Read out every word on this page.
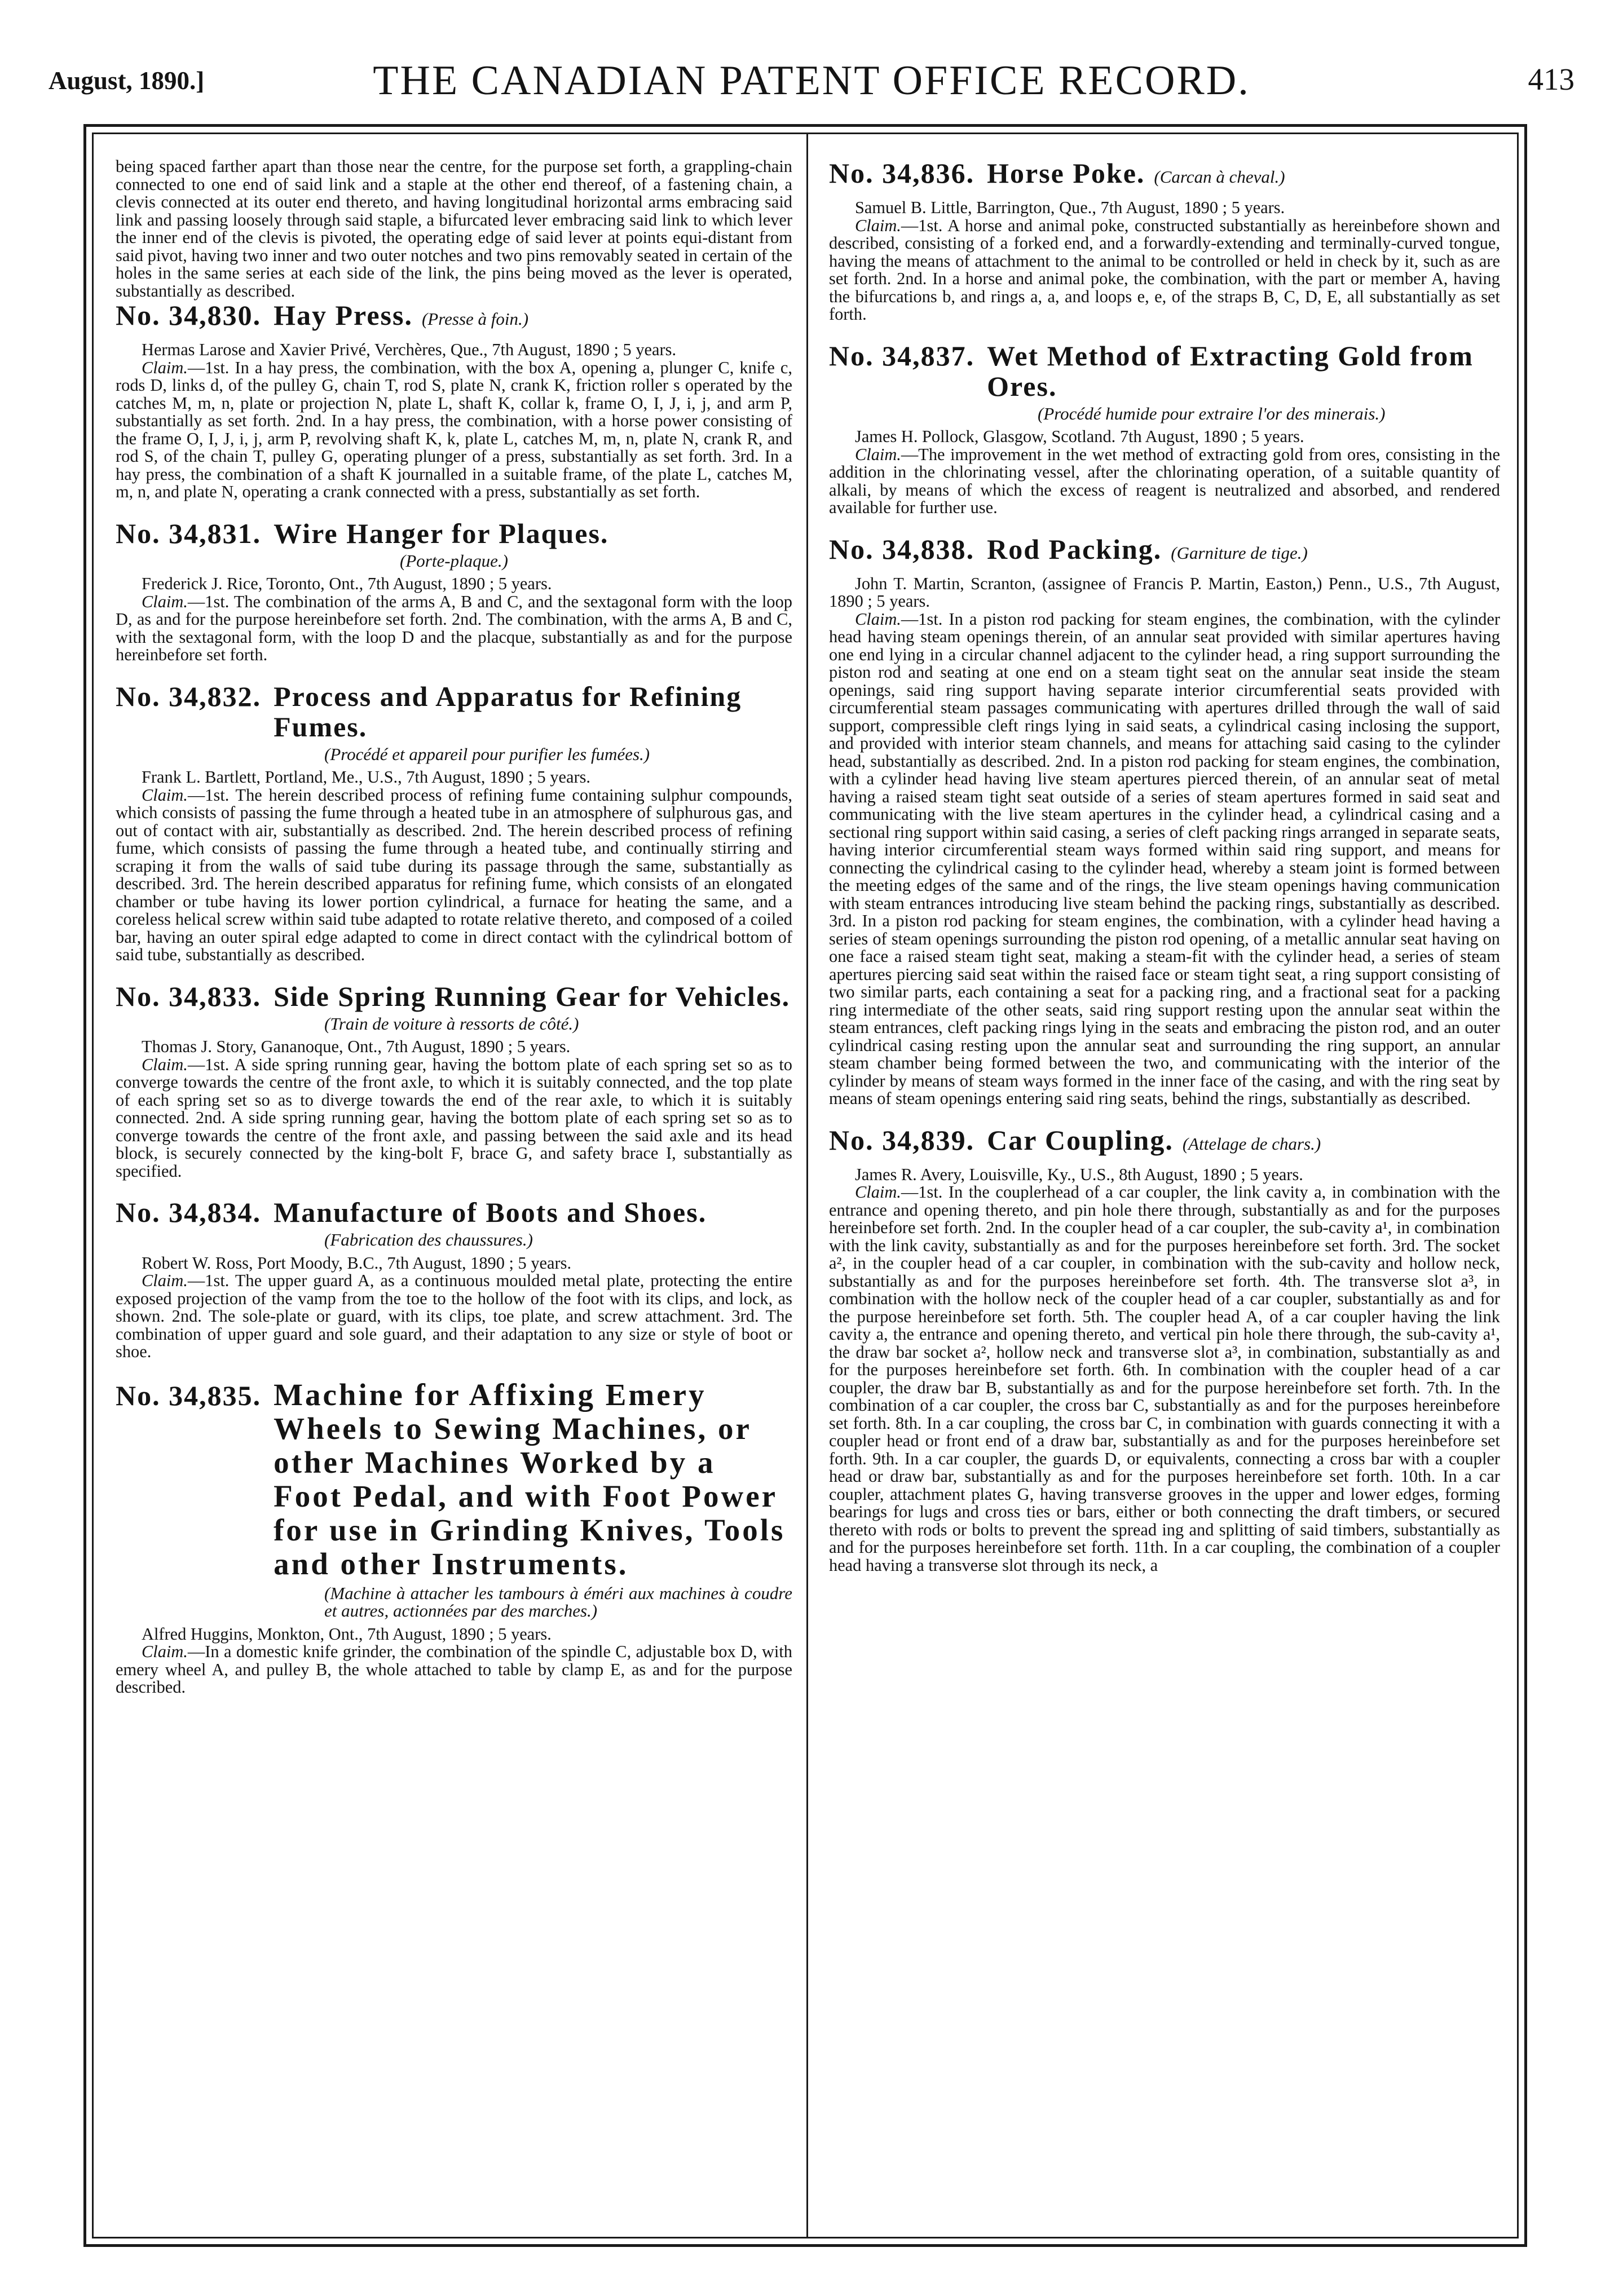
August, 1890.]	THE CANADIAN PATENT OFFICE RECORD.	413

being spaced farther apart than those near the centre, for the purpose set forth, a grappling-chain connected to one end of said link and a staple at the other end thereof, of a fastening chain, a clevis connected at its outer end thereto, and having longitudinal horizontal arms embracing said link and passing loosely through said staple, a bifurcated lever embracing said link to which lever the inner end of the clevis is pivoted, the operating edge of said lever at points equi-distant from said pivot, having two inner and two outer notches and two pins removably seated in certain of the holes in the same series at each side of the link, the pins being moved as the lever is operated, substantially as described.

No. 34,830. Hay Press. (Presse à foin.)

Hermas Larose and Xavier Privé, Verchères, Que., 7th August, 1890 ; 5 years.

Claim.—1st. In a hay press, the combination, with the box A, opening a, plunger C, knife c, rods D, links d, of the pulley G, chain T, rod S, plate N, crank K, friction roller s operated by the catches M, m, n, plate or projection N, plate L, shaft K, collar k, frame O, I, J, i, j, and arm P, substantially as set forth. 2nd. In a hay press, the combination, with a horse power consisting of the frame O, I, J, i, j, arm P, revolving shaft K, k, plate L, catches M, m, n, plate N, crank R, and rod S, of the chain T, pulley G, operating plunger of a press, substantially as set forth. 3rd. In a hay press, the combination of a shaft K journalled in a suitable frame, of the plate L, catches M, m, n, and plate N, operating a crank connected with a press, substantially as set forth.

No. 34,831. Wire Hanger for Plaques.
(Porte-plaque.)

Frederick J. Rice, Toronto, Ont., 7th August, 1890 ; 5 years.

Claim.—1st. The combination of the arms A, B and C, and the sextagonal form with the loop D, as and for the purpose hereinbefore set forth. 2nd. The combination, with the arms A, B and C, with the sextagonal form, with the loop D and the placque, substantially as and for the purpose hereinbefore set forth.

No. 34,832. Process and Apparatus for Refining Fumes.
(Procédé et appareil pour purifier les fumées.)

Frank L. Bartlett, Portland, Me., U.S., 7th August, 1890 ; 5 years.

Claim.—1st. The herein described process of refining fume containing sulphur compounds, which consists of passing the fume through a heated tube in an atmosphere of sulphurous gas, and out of contact with air, substantially as described. 2nd. The herein described process of refining fume, which consists of passing the fume through a heated tube, and continually stirring and scraping it from the walls of said tube during its passage through the same, substantially as described. 3rd. The herein described apparatus for refining fume, which consists of an elongated chamber or tube having its lower portion cylindrical, a furnace for heating the same, and a coreless helical screw within said tube adapted to rotate relative thereto, and composed of a coiled bar, having an outer spiral edge adapted to come in direct contact with the cylindrical bottom of said tube, substantially as described.

No. 34,833. Side Spring Running Gear for Vehicles.
(Train de voiture à ressorts de côté.)

Thomas J. Story, Gananoque, Ont., 7th August, 1890 ; 5 years.

Claim.—1st. A side spring running gear, having the bottom plate of each spring set so as to converge towards the centre of the front axle, to which it is suitably connected, and the top plate of each spring set so as to diverge towards the end of the rear axle, to which it is suitably connected. 2nd. A side spring running gear, having the bottom plate of each spring set so as to converge towards the centre of the front axle, and passing between the said axle and its head block, is securely connected by the king-bolt F, brace G, and safety brace I, substantially as specified.

No. 34,834. Manufacture of Boots and Shoes.
(Fabrication des chaussures.)

Robert W. Ross, Port Moody, B.C., 7th August, 1890 ; 5 years.

Claim.—1st. The upper guard A, as a continuous moulded metal plate, protecting the entire exposed projection of the vamp from the toe to the hollow of the foot with its clips, and lock, as shown. 2nd. The sole-plate or guard, with its clips, toe plate, and screw attachment. 3rd. The combination of upper guard and sole guard, and their adaptation to any size or style of boot or shoe.

No. 34,835. Machine for Affixing Emery Wheels to Sewing Machines, or other Machines Worked by a Foot Pedal, and with Foot Power for use in Grinding Knives, Tools and other Instruments.
(Machine à attacher les tambours à éméri aux machines à coudre et autres, actionnées par des marches.)

Alfred Huggins, Monkton, Ont., 7th August, 1890 ; 5 years.

Claim.—In a domestic knife grinder, the combination of the spindle C, adjustable box D, with emery wheel A, and pulley B, the whole attached to table by clamp E, as and for the purpose described.

No. 34,836. Horse Poke. (Carcan à cheval.)

Samuel B. Little, Barrington, Que., 7th August, 1890 ; 5 years.

Claim.—1st. A horse and animal poke, constructed substantially as hereinbefore shown and described, consisting of a forked end, and a forwardly-extending and terminally-curved tongue, having the means of attachment to the animal to be controlled or held in check by it, such as are set forth. 2nd. In a horse and animal poke, the combination, with the part or member A, having the bifurcations b, and rings a, a, and loops e, e, of the straps B, C, D, E, all substantially as set forth.

No. 34,837. Wet Method of Extracting Gold from Ores.
(Procédé humide pour extraire l'or des minerais.)

James H. Pollock, Glasgow, Scotland. 7th August, 1890 ; 5 years.

Claim.—The improvement in the wet method of extracting gold from ores, consisting in the addition in the chlorinating vessel, after the chlorinating operation, of a suitable quantity of alkali, by means of which the excess of reagent is neutralized and absorbed, and rendered available for further use.

No. 34,838. Rod Packing. (Garniture de tige.)

John T. Martin, Scranton, (assignee of Francis P. Martin, Easton,) Penn., U.S., 7th August, 1890 ; 5 years.

Claim.—1st. In a piston rod packing for steam engines, the combination, with the cylinder head having steam openings therein, of an annular seat provided with similar apertures having one end lying in a circular channel adjacent to the cylinder head, a ring support surrounding the piston rod and seating at one end on a steam tight seat on the annular seat inside the steam openings, said ring support having separate interior circumferential seats provided with circumferential steam passages communicating with apertures drilled through the wall of said support, compressible cleft rings lying in said seats, a cylindrical casing inclosing the support, and provided with interior steam channels, and means for attaching said casing to the cylinder head, substantially as described. 2nd. In a piston rod packing for steam engines, the combination, with a cylinder head having live steam apertures pierced therein, of an annular seat of metal having a raised steam tight seat outside of a series of steam apertures formed in said seat and communicating with the live steam apertures in the cylinder head, a cylindrical casing and a sectional ring support within said casing, a series of cleft packing rings arranged in separate seats, having interior circumferential steam ways formed within said ring support, and means for connecting the cylindrical casing to the cylinder head, whereby a steam joint is formed between the meeting edges of the same and of the rings, the live steam openings having communication with steam entrances introducing live steam behind the packing rings, substantially as described. 3rd. In a piston rod packing for steam engines, the combination, with a cylinder head having a series of steam openings surrounding the piston rod opening, of a metallic annular seat having on one face a raised steam tight seat, making a steam-fit with the cylinder head, a series of steam apertures piercing said seat within the raised face or steam tight seat, a ring support consisting of two similar parts, each containing a seat for a packing ring, and a fractional seat for a packing ring intermediate of the other seats, said ring support resting upon the annular seat within the steam entrances, cleft packing rings lying in the seats and embracing the piston rod, and an outer cylindrical casing resting upon the annular seat and surrounding the ring support, an annular steam chamber being formed between the two, and communicating with the interior of the cylinder by means of steam ways formed in the inner face of the casing, and with the ring seat by means of steam openings entering said ring seats, behind the rings, substantially as described.

No. 34,839. Car Coupling. (Attelage de chars.)

James R. Avery, Louisville, Ky., U.S., 8th August, 1890 ; 5 years.

Claim.—1st. In the couplerhead of a car coupler, the link cavity a, in combination with the entrance and opening thereto, and pin hole there through, substantially as and for the purposes hereinbefore set forth. 2nd. In the coupler head of a car coupler, the sub-cavity a¹, in combination with the link cavity, substantially as and for the purposes hereinbefore set forth. 3rd. The socket a², in the coupler head of a car coupler, in combination with the sub-cavity and hollow neck, substantially as and for the purposes hereinbefore set forth. 4th. The transverse slot a³, in combination with the hollow neck of the coupler head of a car coupler, substantially as and for the purpose hereinbefore set forth. 5th. The coupler head A, of a car coupler having the link cavity a, the entrance and opening thereto, and vertical pin hole there through, the sub-cavity a¹, the draw bar socket a², hollow neck and transverse slot a³, in combination, substantially as and for the purposes hereinbefore set forth. 6th. In combination with the coupler head of a car coupler, the draw bar B, substantially as and for the purpose hereinbefore set forth. 7th. In the combination of a car coupler, the cross bar C, substantially as and for the purposes hereinbefore set forth. 8th. In a car coupling, the cross bar C, in combination with guards connecting it with a coupler head or front end of a draw bar, substantially as and for the purposes hereinbefore set forth. 9th. In a car coupler, the guards D, or equivalents, connecting a cross bar with a coupler head or draw bar, substantially as and for the purposes hereinbefore set forth. 10th. In a car coupler, attachment plates G, having transverse grooves in the upper and lower edges, forming bearings for lugs and cross ties or bars, either or both connecting the draft timbers, or secured thereto with rods or bolts to prevent the spread ing and splitting of said timbers, substantially as and for the purposes hereinbefore set forth. 11th. In a car coupling, the combination of a coupler head having a transverse slot through its neck, a
